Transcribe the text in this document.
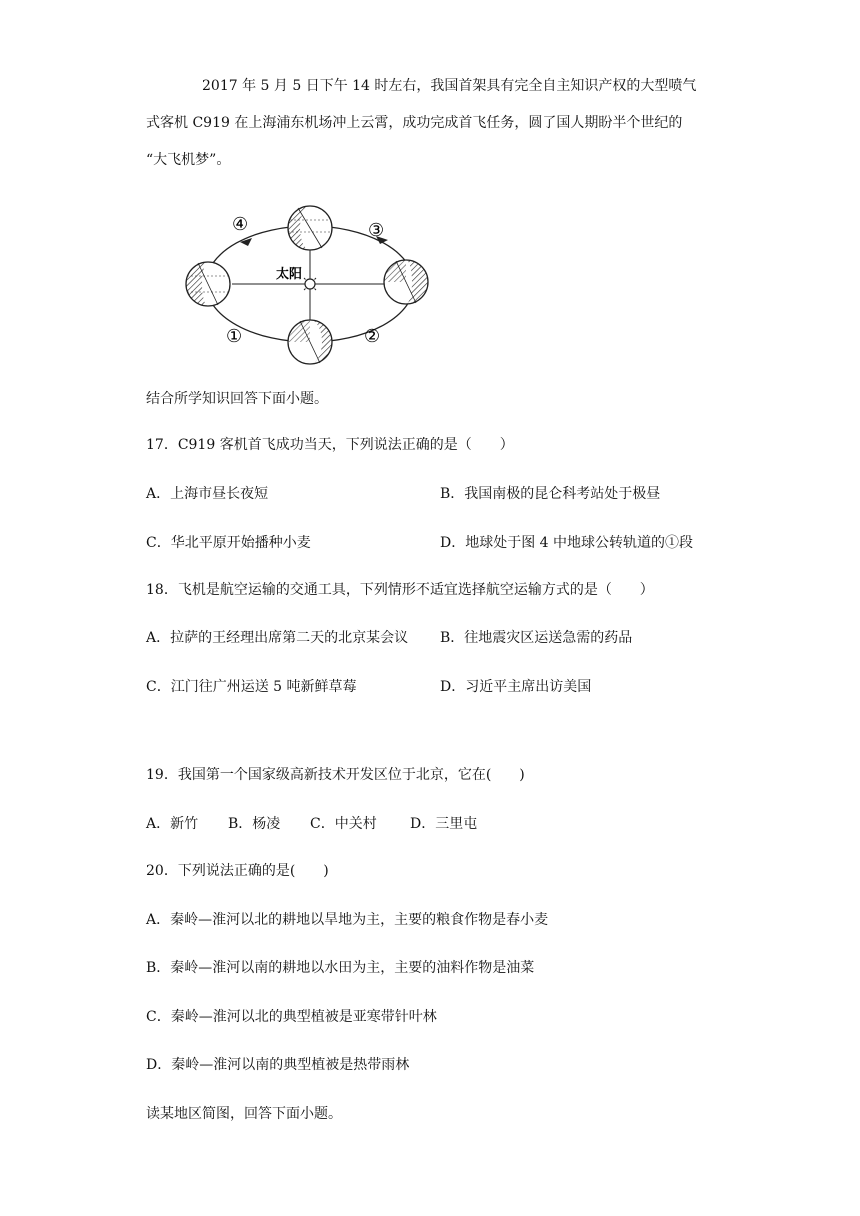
2017 年 5 月 5 日下午 14 时左右，我国首架具有完全自主知识产权的大型喷气
式客机 C919 在上海浦东机场冲上云霄，成功完成首飞任务，圆了国人期盼半个世纪的
“大飞机梦”。
太阳
④	③
①	②
结合所学知识回答下面小题。
17．C919 客机首飞成功当天，下列说法正确的是（　　）
A．上海市昼长夜短	B．我国南极的昆仑科考站处于极昼
C．华北平原开始播种小麦	D．地球处于图 4 中地球公转轨道的①段
18．飞机是航空运输的交通工具，下列情形不适宜选择航空运输方式的是（　　）
A．拉萨的王经理出席第二天的北京某会议 B．往地震灾区运送急需的药品
C．江门往广州运送 5 吨新鲜草莓	D．习近平主席出访美国
19．我国第一个国家级高新技术开发区位于北京，它在(　　)
A．新竹 B．杨凌 C．中关村 D．三里屯
20．下列说法正确的是(　　)
A．秦岭—淮河以北的耕地以旱地为主，主要的粮食作物是春小麦
B．秦岭—淮河以南的耕地以水田为主，主要的油料作物是油菜
C．秦岭—淮河以北的典型植被是亚寒带针叶林
D．秦岭—淮河以南的典型植被是热带雨林
读某地区简图，回答下面小题。
